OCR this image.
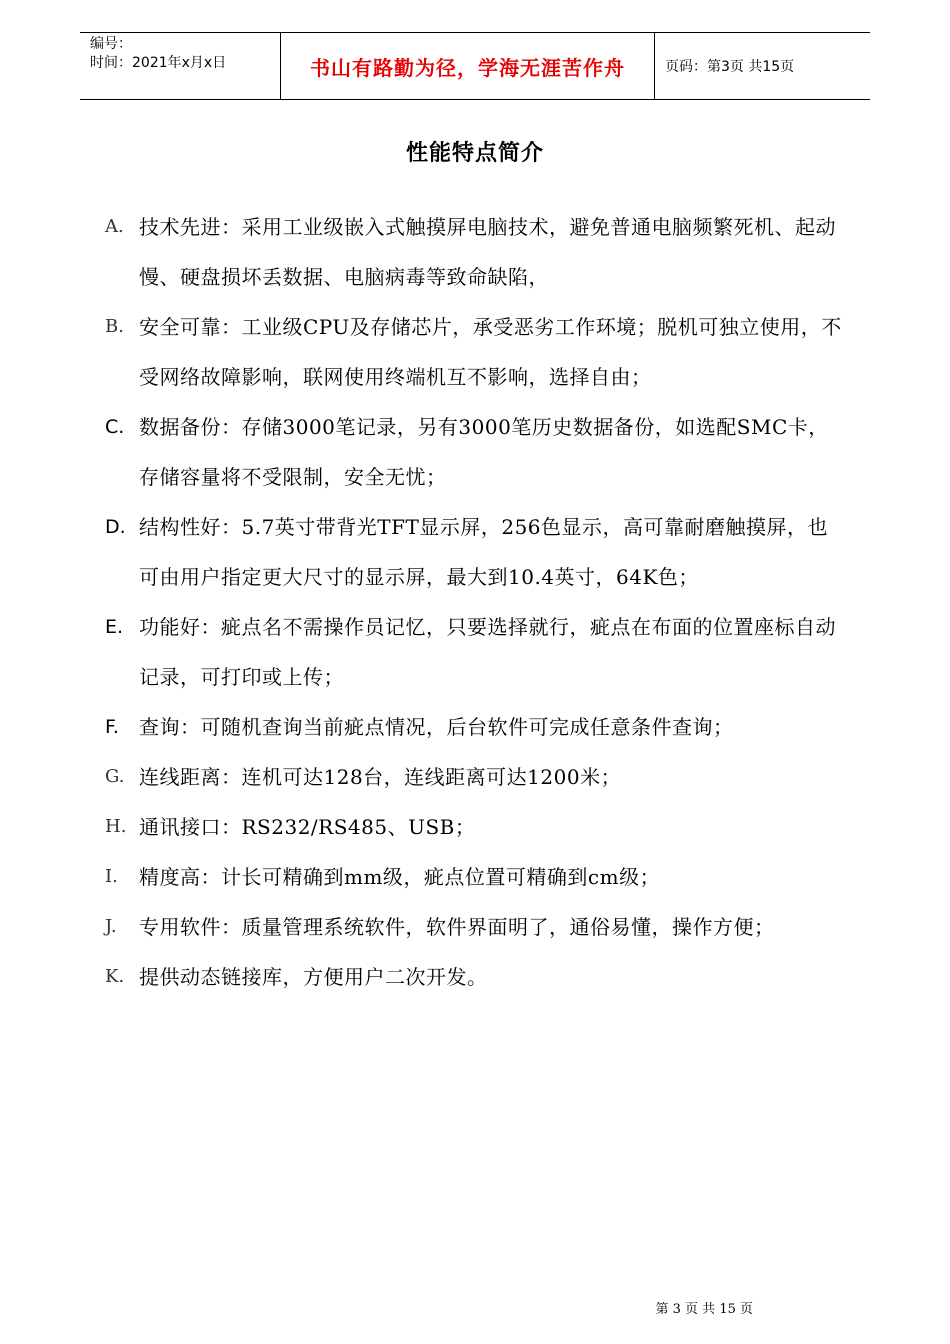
编号：
时间：2021年x月x日	书山有路勤为径，学海无涯苦作舟	页码：第3页 共15页
性能特点简介
A. 技术先进：采用工业级嵌入式触摸屏电脑技术，避免普通电脑频繁死机、起动慢、硬盘损坏丢数据、电脑病毒等致命缺陷，
B. 安全可靠：工业级CPU及存储芯片，承受恶劣工作环境；脱机可独立使用，不受网络故障影响，联网使用终端机互不影响，选择自由；
C. 数据备份：存储3000笔记录，另有3000笔历史数据备份，如选配SMC卡，存储容量将不受限制，安全无忧；
D. 结构性好：5.7英寸带背光TFT显示屏，256色显示，高可靠耐磨触摸屏，也可由用户指定更大尺寸的显示屏，最大到10.4英寸，64K色；
E. 功能好：疵点名不需操作员记忆，只要选择就行，疵点在布面的位置座标自动记录，可打印或上传；
F.	查询：可随机查询当前疵点情况，后台软件可完成任意条件查询；
G. 连线距离：连机可达128台，连线距离可达1200米；
H. 通讯接口：RS232/RS485、USB；
I.	精度高：计长可精确到mm级，疵点位置可精确到cm级；
J.	专用软件：质量管理系统软件，软件界面明了，通俗易懂，操作方便；
K. 提供动态链接库，方便用户二次开发。
第 3 页 共 15 页
